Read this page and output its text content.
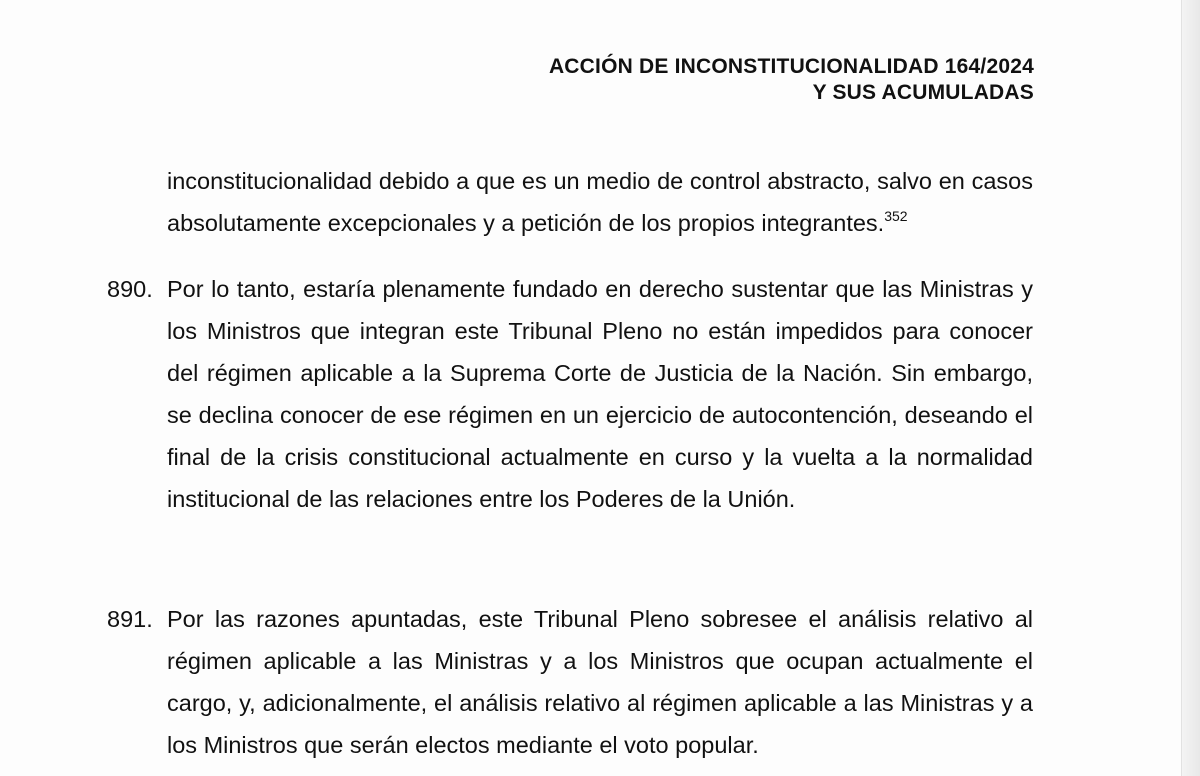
ACCIÓN DE INCONSTITUCIONALIDAD 164/2024
Y SUS ACUMULADAS
inconstitucionalidad debido a que es un medio de control abstracto, salvo en casos absolutamente excepcionales y a petición de los propios integrantes.$^{352}$
890. Por lo tanto, estaría plenamente fundado en derecho sustentar que las Ministras y los Ministros que integran este Tribunal Pleno no están impedidos para conocer del régimen aplicable a la Suprema Corte de Justicia de la Nación. Sin embargo, se declina conocer de ese régimen en un ejercicio de autocontención, deseando el final de la crisis constitucional actualmente en curso y la vuelta a la normalidad institucional de las relaciones entre los Poderes de la Unión.
891. Por las razones apuntadas, este Tribunal Pleno sobresee el análisis relativo al régimen aplicable a las Ministras y a los Ministros que ocupan actualmente el cargo, y, adicionalmente, el análisis relativo al régimen aplicable a las Ministras y a los Ministros que serán electos mediante el voto popular.
